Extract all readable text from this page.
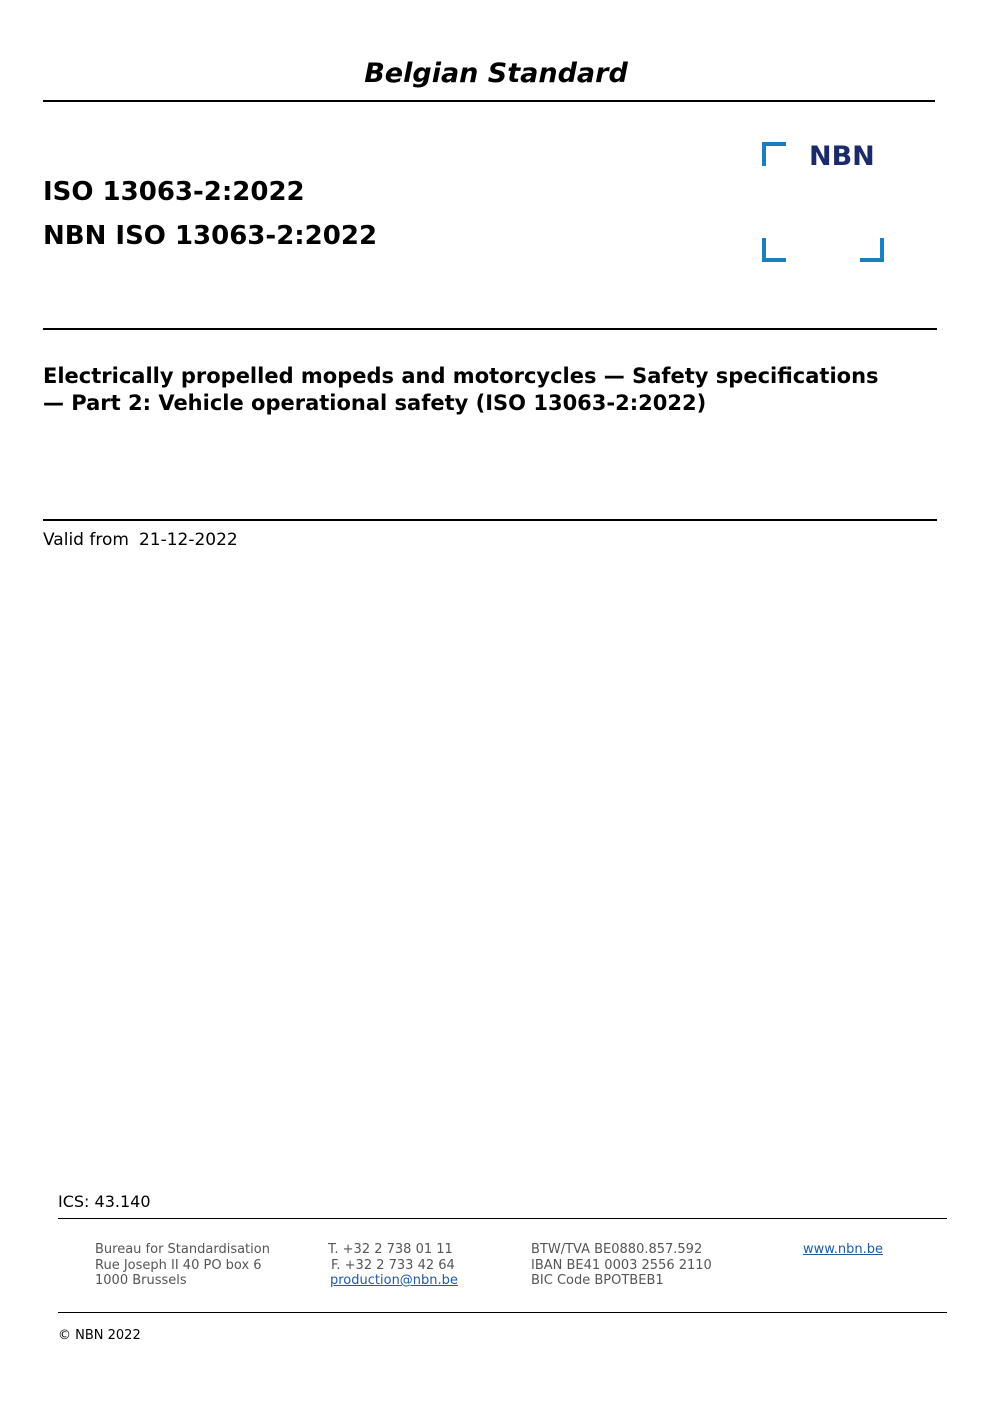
Belgian Standard
ISO 13063-2:2022
NBN ISO 13063-2:2022
NBN
Electrically propelled mopeds and motorcycles — Safety specifications — Part 2: Vehicle operational safety (ISO 13063-2:2022)
Valid from 21-12-2022
ICS: 43.140
Bureau for Standardisation
Rue Joseph II 40 PO box 6
1000 Brussels
T. +32 2 738 01 11
F. +32 2 733 42 64
production@nbn.be
BTW/TVA BE0880.857.592
IBAN BE41 0003 2556 2110
BIC Code BPOTBEB1
www.nbn.be
© NBN 2022
